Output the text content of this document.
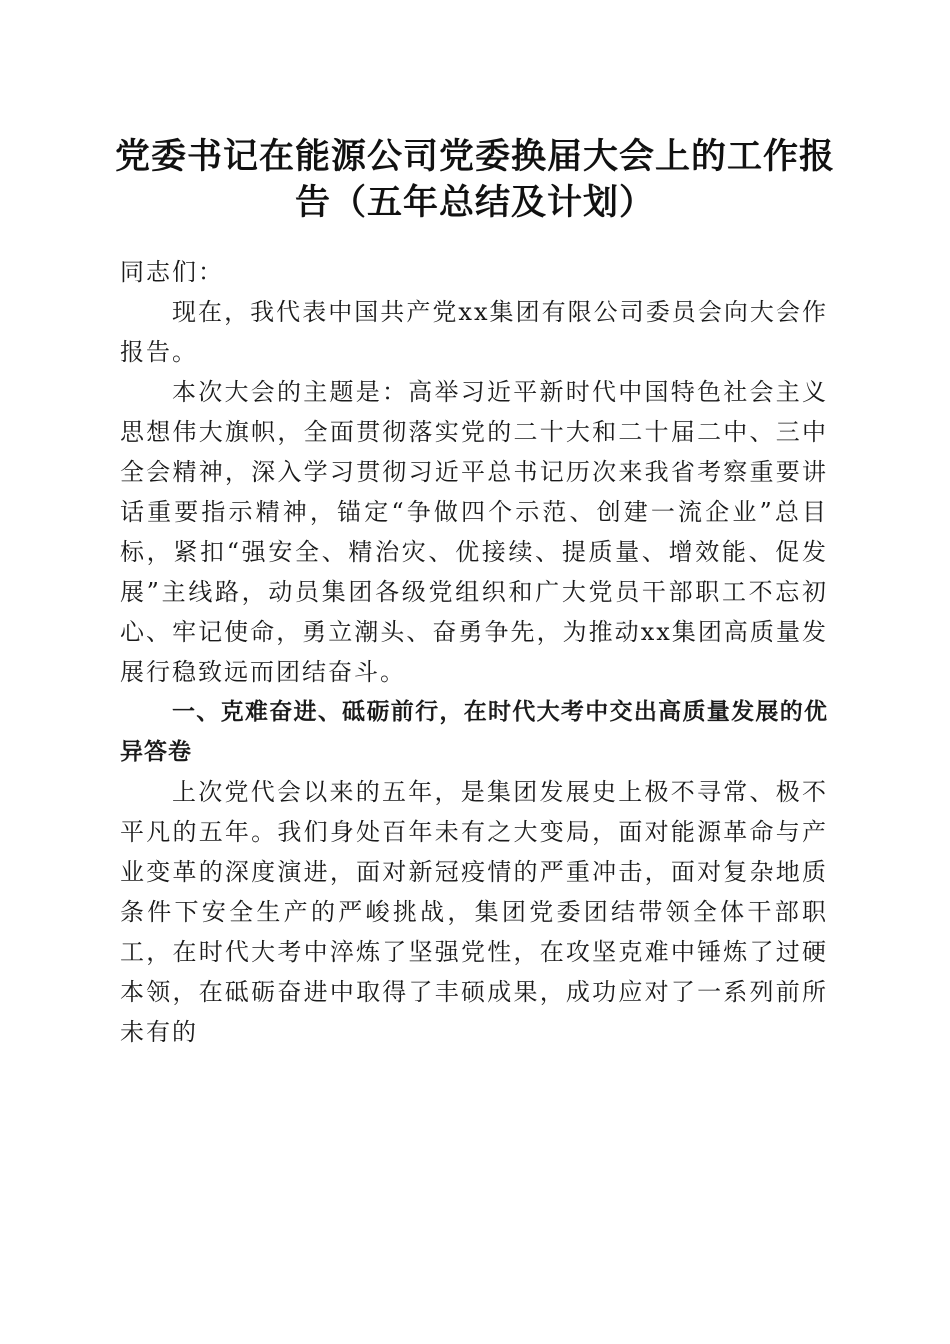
党委书记在能源公司党委换届大会上的工作报
告（五年总结及计划）

同志们：

现在，我代表中国共产党xx集团有限公司委员会向大会作报告。

本次大会的主题是：高举习近平新时代中国特色社会主义思想伟大旗帜，全面贯彻落实党的二十大和二十届二中、三中全会精神，深入学习贯彻习近平总书记历次来我省考察重要讲话重要指示精神，锚定“争做四个示范、创建一流企业”总目标，紧扣“强安全、精治灾、优接续、提质量、增效能、促发展”主线路，动员集团各级党组织和广大党员干部职工不忘初心、牢记使命，勇立潮头、奋勇争先，为推动xx集团高质量发展行稳致远而团结奋斗。

一、克难奋进、砥砺前行，在时代大考中交出高质量发展的优异答卷

上次党代会以来的五年，是集团发展史上极不寻常、极不平凡的五年。我们身处百年未有之大变局，面对能源革命与产业变革的深度演进，面对新冠疫情的严重冲击，面对复杂地质条件下安全生产的严峻挑战，集团党委团结带领全体干部职工，在时代大考中淬炼了坚强党性，在攻坚克难中锤炼了过硬本领，在砥砺奋进中取得了丰硕成果，成功应对了一系列前所未有的
